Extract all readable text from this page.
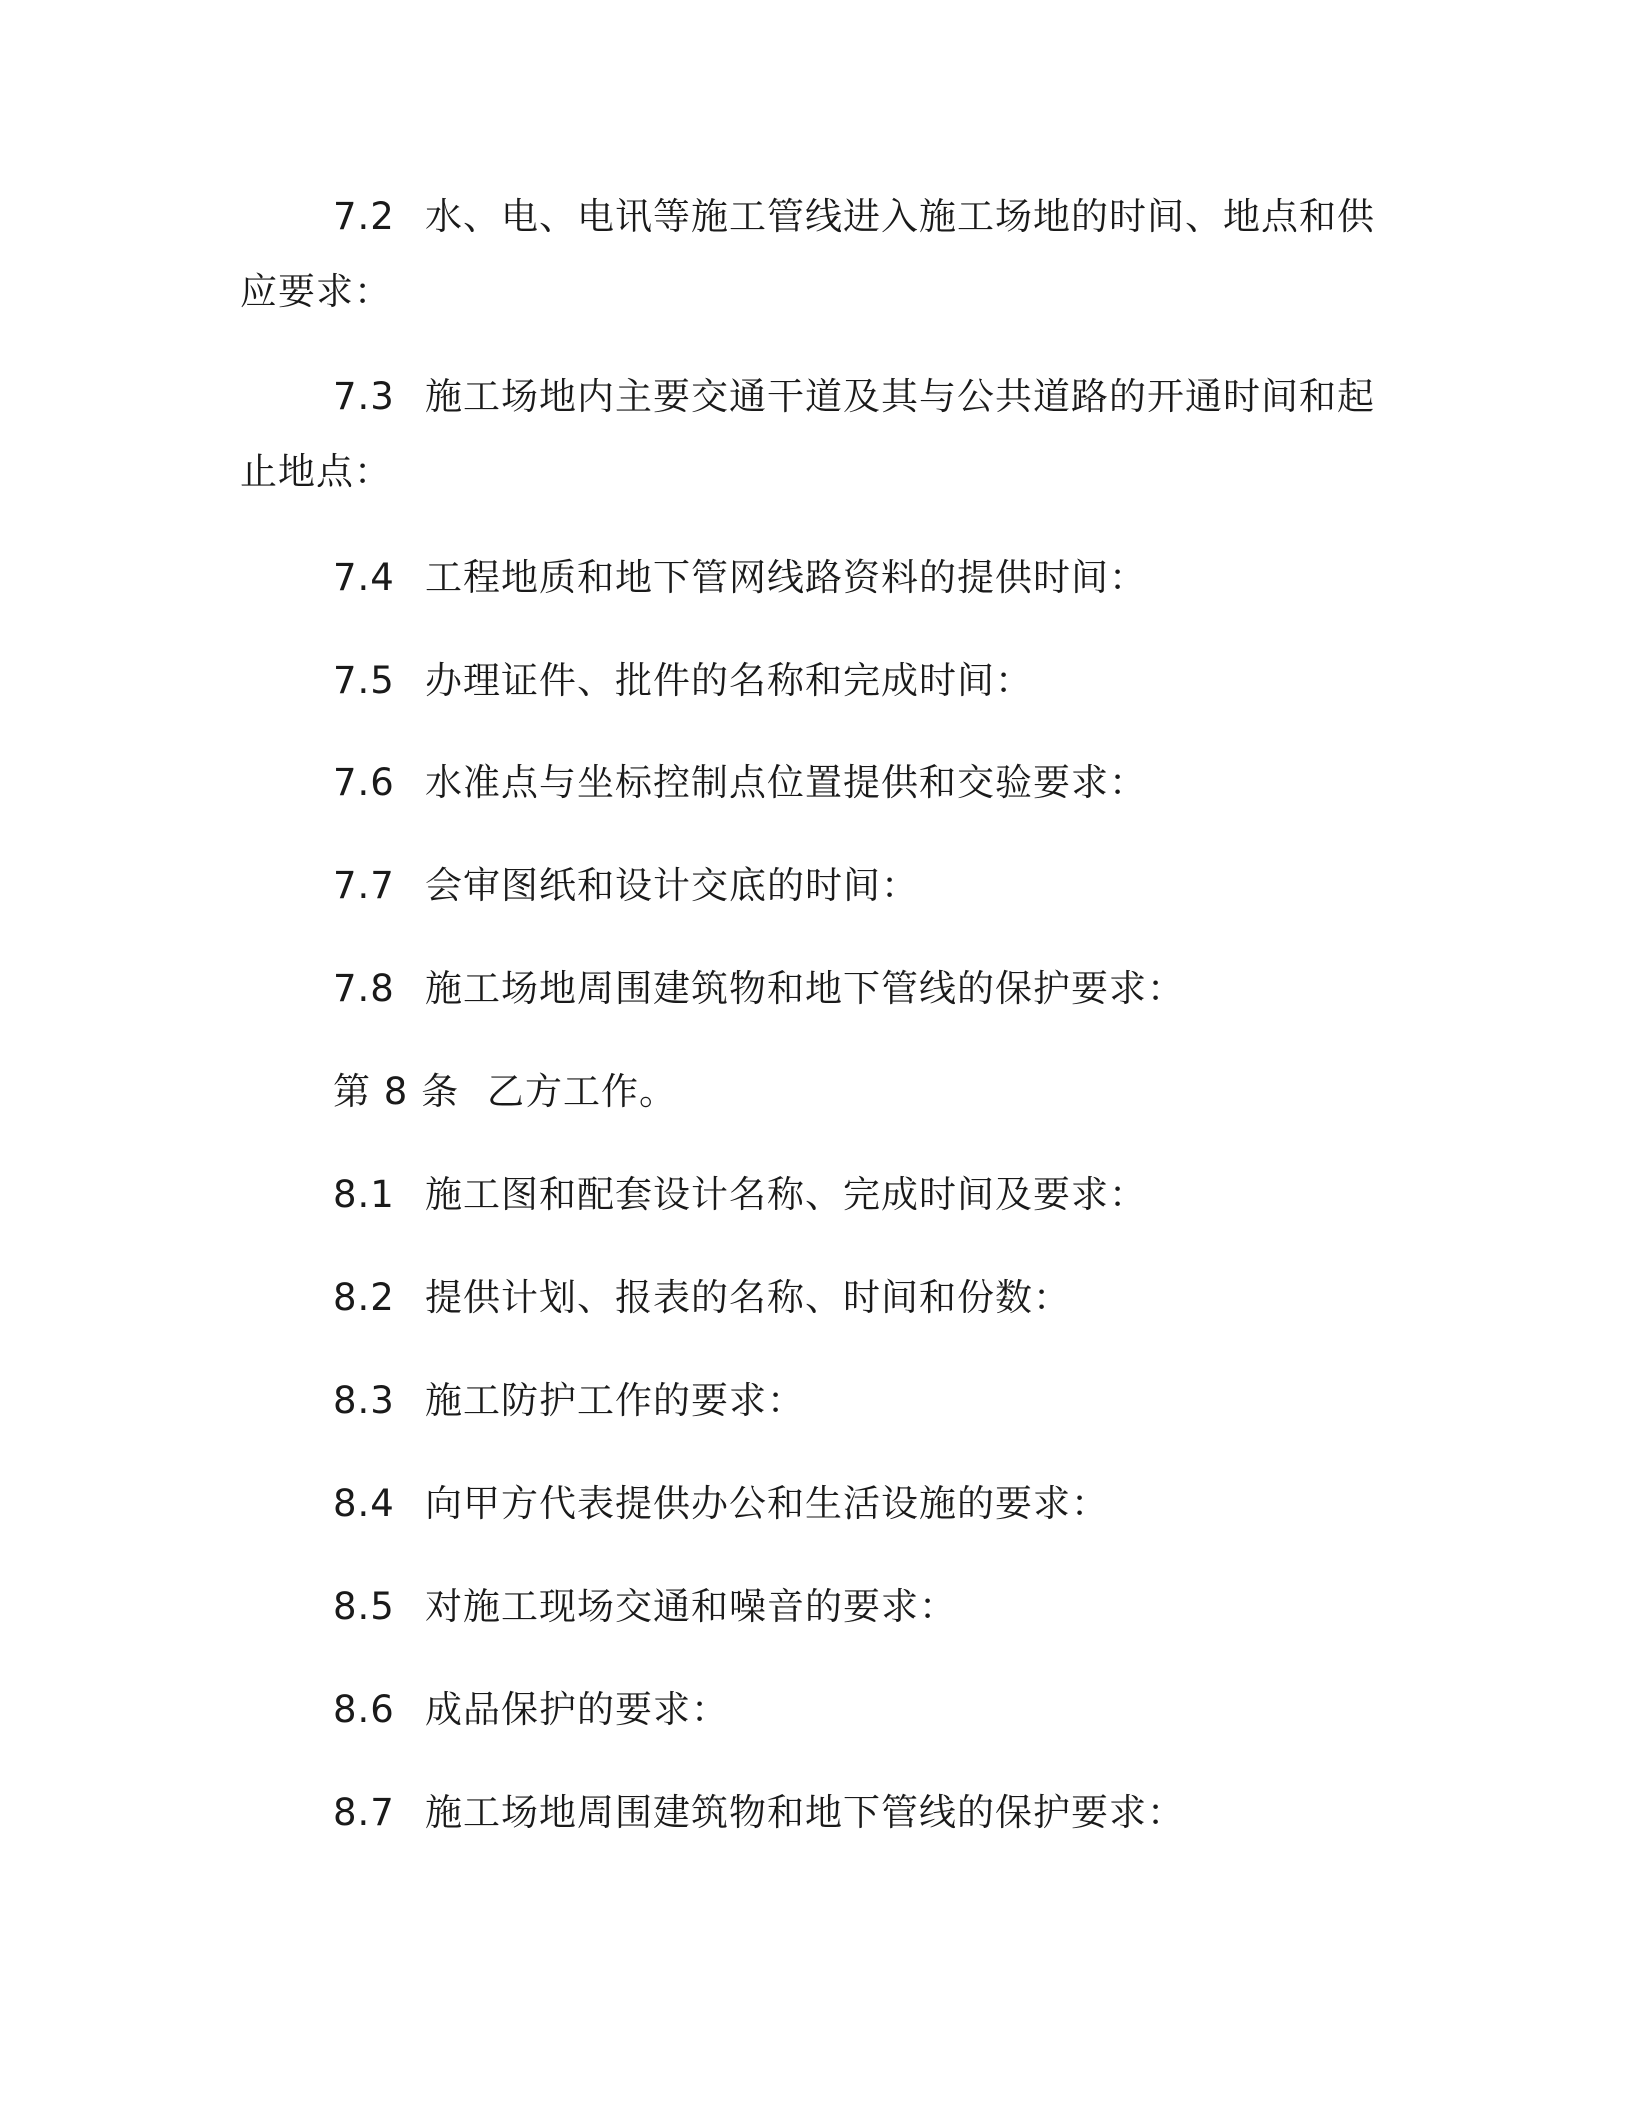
7.2 水、电、电讯等施工管线进入施工场地的时间、地点和供
应要求：
7.3 施工场地内主要交通干道及其与公共道路的开通时间和起
止地点：
7.4 工程地质和地下管网线路资料的提供时间：
7.5 办理证件、批件的名称和完成时间：
7.6 水准点与坐标控制点位置提供和交验要求：
7.7 会审图纸和设计交底的时间：
7.8 施工场地周围建筑物和地下管线的保护要求：
第 8 条 乙方工作。
8.1 施工图和配套设计名称、完成时间及要求：
8.2 提供计划、报表的名称、时间和份数：
8.3 施工防护工作的要求：
8.4 向甲方代表提供办公和生活设施的要求：
8.5 对施工现场交通和噪音的要求：
8.6 成品保护的要求：
8.7 施工场地周围建筑物和地下管线的保护要求：
